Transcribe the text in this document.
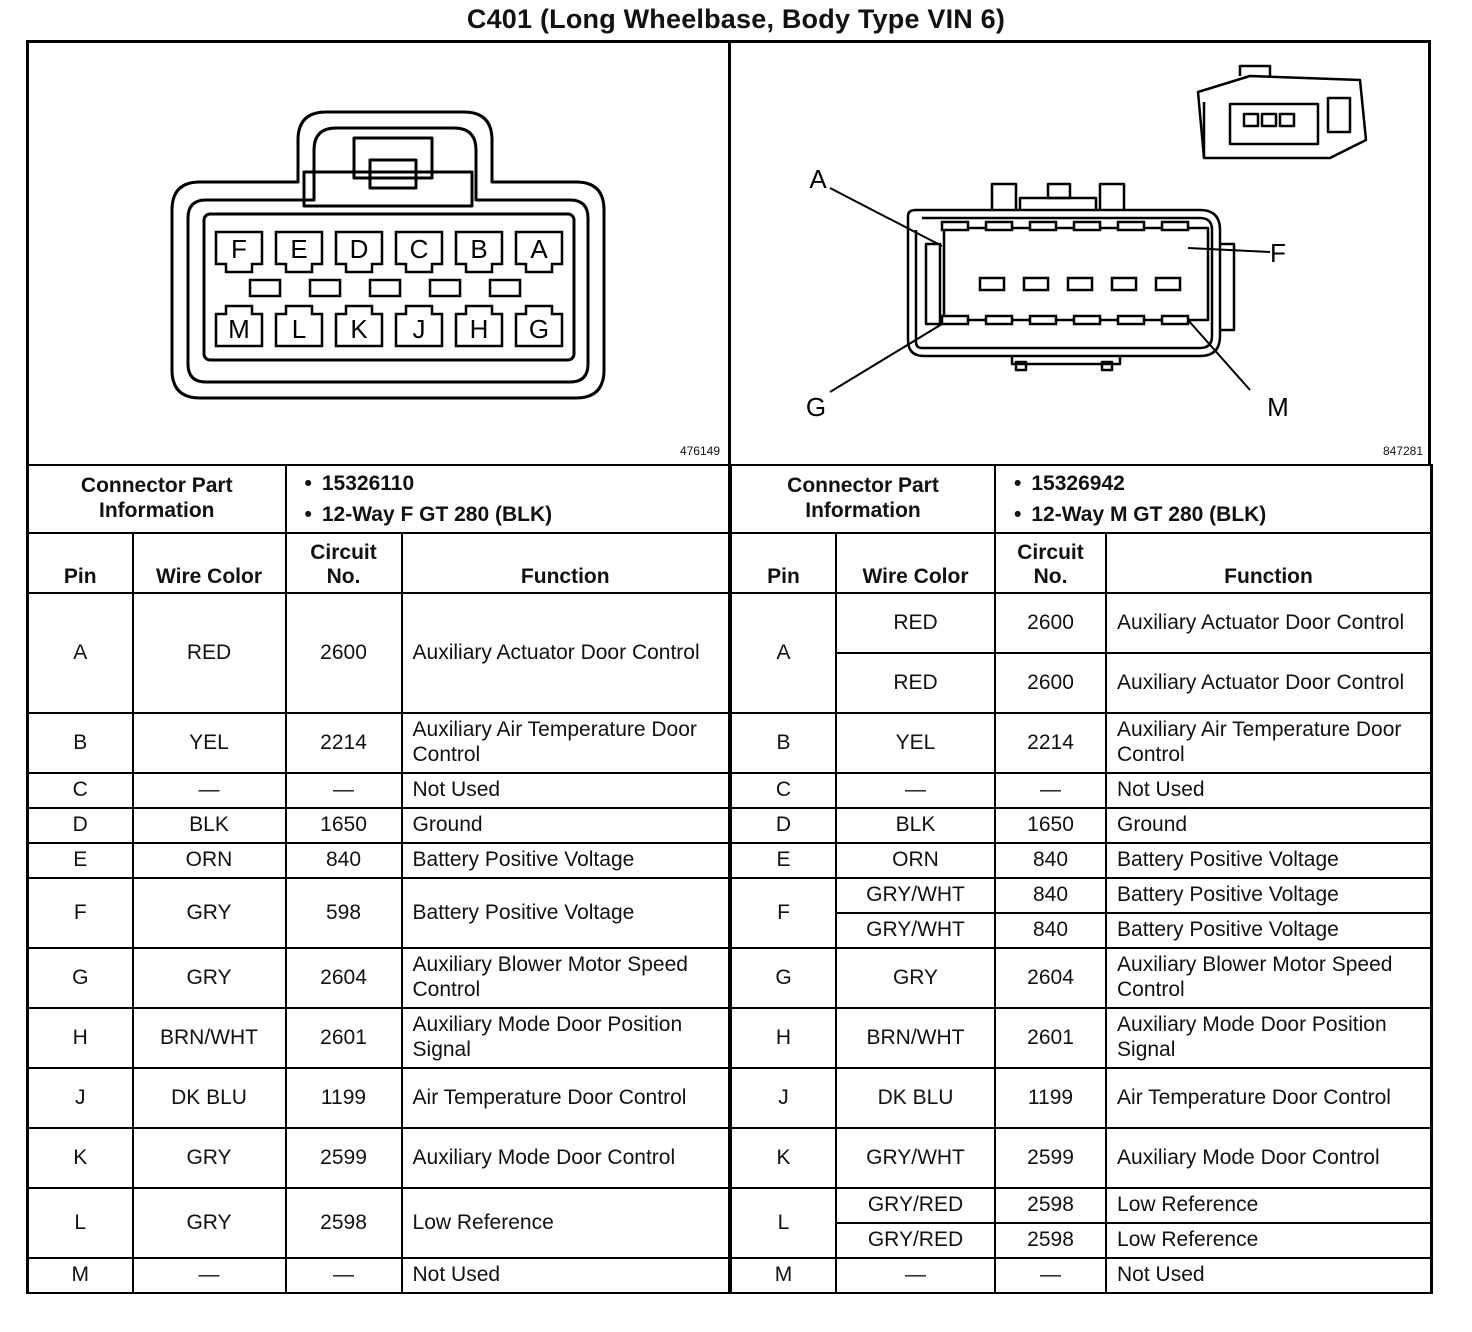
C401 (Long Wheelbase, Body Type VIN 6)
F E D C B A
M L K J H G
476149
A
F
G	M
847281
Connector Part Information		• 15326110
• 12-Way F GT 280 (BLK)

Pin	Wire Color	Circuit No.	Function
A	RED	2600	Auxiliary Actuator Door Control
B	YEL	2214	Auxiliary Air Temperature Door Control
C	—	—	Not Used
D	BLK	1650	Ground
E	ORN	840	Battery Positive Voltage
F	GRY	598	Battery Positive Voltage
G	GRY	2604	Auxiliary Blower Motor Speed Control
H	BRN/WHT	2601	Auxiliary Mode Door Position Signal
J	DK BLU	1199	Air Temperature Door Control
K	GRY	2599	Auxiliary Mode Door Control
L	GRY	2598	Low Reference
M	—	—	Not Used
Connector Part Information		• 15326942
• 12-Way M GT 280 (BLK)

Pin	Wire Color	Circuit No.	Function
A	RED	2600	Auxiliary Actuator Door Control
	RED	2600	Auxiliary Actuator Door Control
B	YEL	2214	Auxiliary Air Temperature Door Control
C	—	—	Not Used
D	BLK	1650	Ground
E	ORN	840	Battery Positive Voltage
F	GRY/WHT	840	Battery Positive Voltage
	GRY/WHT	840	Battery Positive Voltage
G	GRY	2604	Auxiliary Blower Motor Speed Control
H	BRN/WHT	2601	Auxiliary Mode Door Position Signal
J	DK BLU	1199	Air Temperature Door Control
K	GRY/WHT	2599	Auxiliary Mode Door Control
L	GRY/RED	2598	Low Reference
	GRY/RED	2598	Low Reference
M	—	—	Not Used
